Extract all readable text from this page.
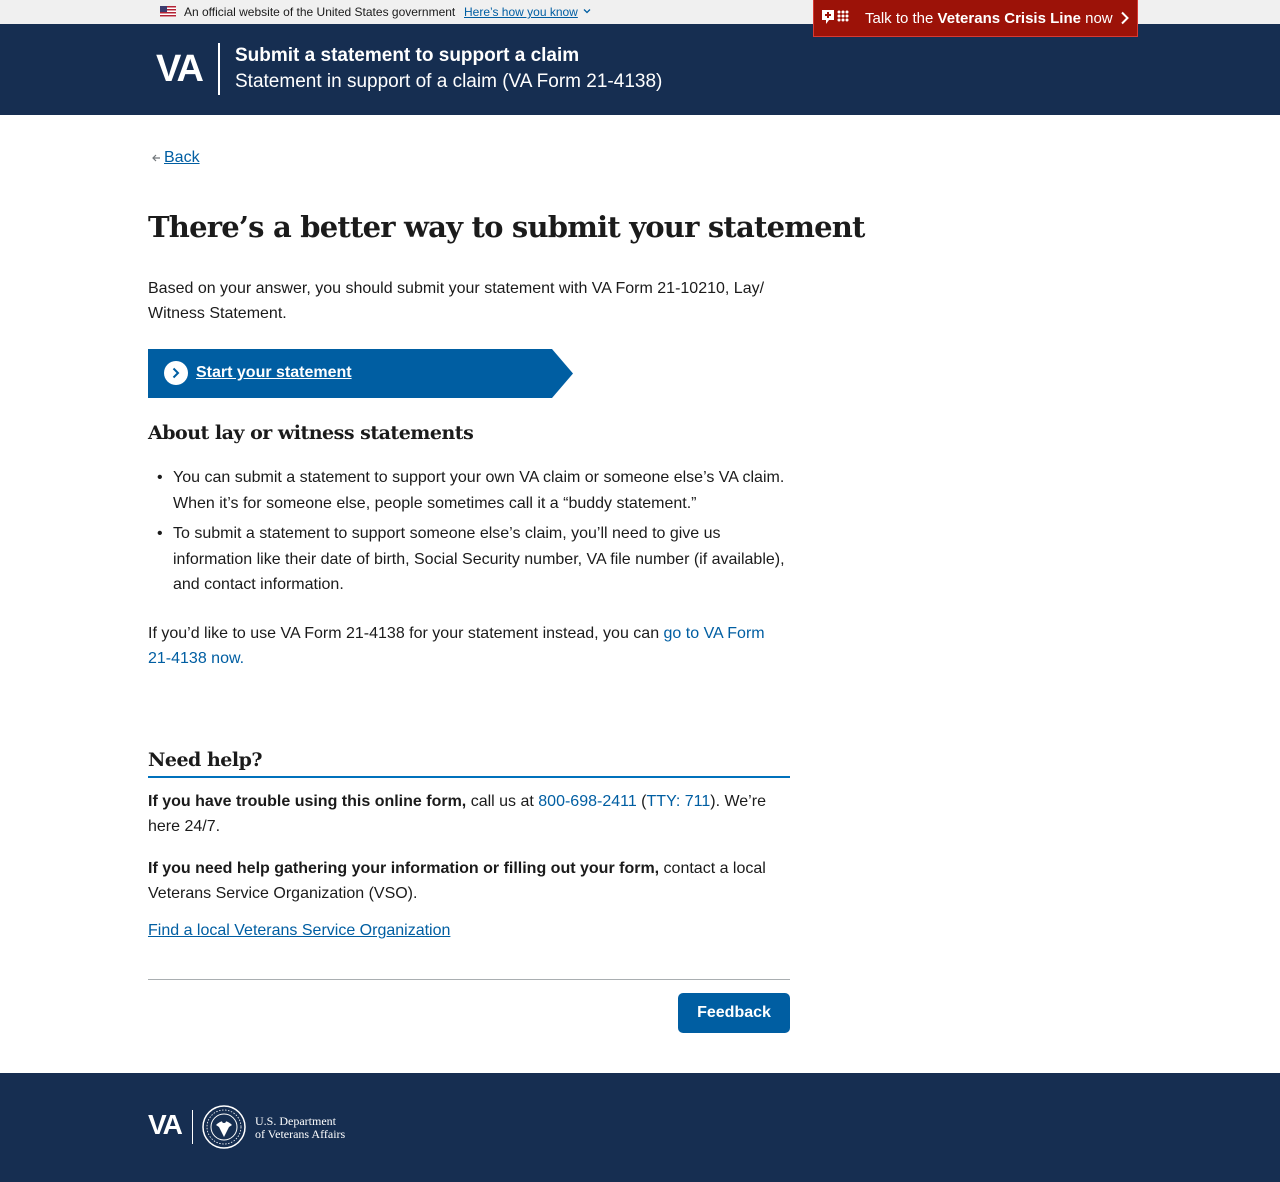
An official website of the United States government Here’s how you know
VA Submit a statement to support a claim
Statement in support of a claim (VA Form 21-4138)
Talk to the Veterans Crisis Line now
Back
There’s a better way to submit your statement

Based on your answer, you should submit your statement with VA Form 21-10210, Lay/ Witness Statement.

Start your statement
About lay or witness statements
• You can submit a statement to support your own VA claim or someone else’s VA claim. When it’s for someone else, people sometimes call it a “buddy statement.”
• To submit a statement to support someone else’s claim, you’ll need to give us information like their date of birth, Social Security number, VA file number (if available), and contact information.

If you’d like to use VA Form 21-4138 for your statement instead, you can go to VA Form 21-4138 now.

Need help?

If you have trouble using this online form, call us at 800-698-2411 (TTY: 711). We’re here 24/7.

If you need help gathering your information or filling out your form, contact a local Veterans Service Organization (VSO).

Find a local Veterans Service Organization
Feedback
VA	U.S. Department
of Veterans Affairs
